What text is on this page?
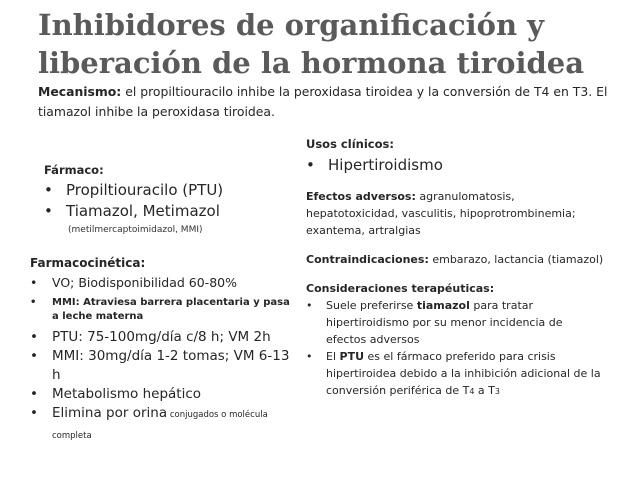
Inhibidores de organificación y liberación de la hormona tiroidea
Mecanismo: el propiltiouracilo inhibe la peroxidasa tiroidea y la conversión de T4 en T3. El tiamazol inhibe la peroxidasa tiroidea.
Fármaco:
• Propiltiouracilo (PTU)
• Tiamazol, Metimazol
(metilmercaptoimidazol, MMI)
Farmacocinética:
•	VO; Biodisponibilidad 60-80%
•	MMI: Atraviesa barrera placentaria y pasa a leche materna
•	PTU: 75-100mg/día c/8 h; VM 2h
•	MMI: 30mg/día 1-2 tomas; VM 6-13 h
•	Metabolismo hepático
•	Elimina por orina conjugados o molécula completa
Usos clínicos:
• Hipertiroidismo
Efectos adversos: agranulomatosis, hepatotoxicidad, vasculitis, hipoprotrombinemia; exantema, artralgias
Contraindicaciones: embarazo, lactancia (tiamazol)
Consideraciones terapéuticas:
•	Suele preferirse tiamazol para tratar hipertiroidismo por su menor incidencia de efectos adversos
•	El PTU es el fármaco preferido para crisis hipertiroidea debido a la inhibición adicional de la conversión periférica de T4 a T3
